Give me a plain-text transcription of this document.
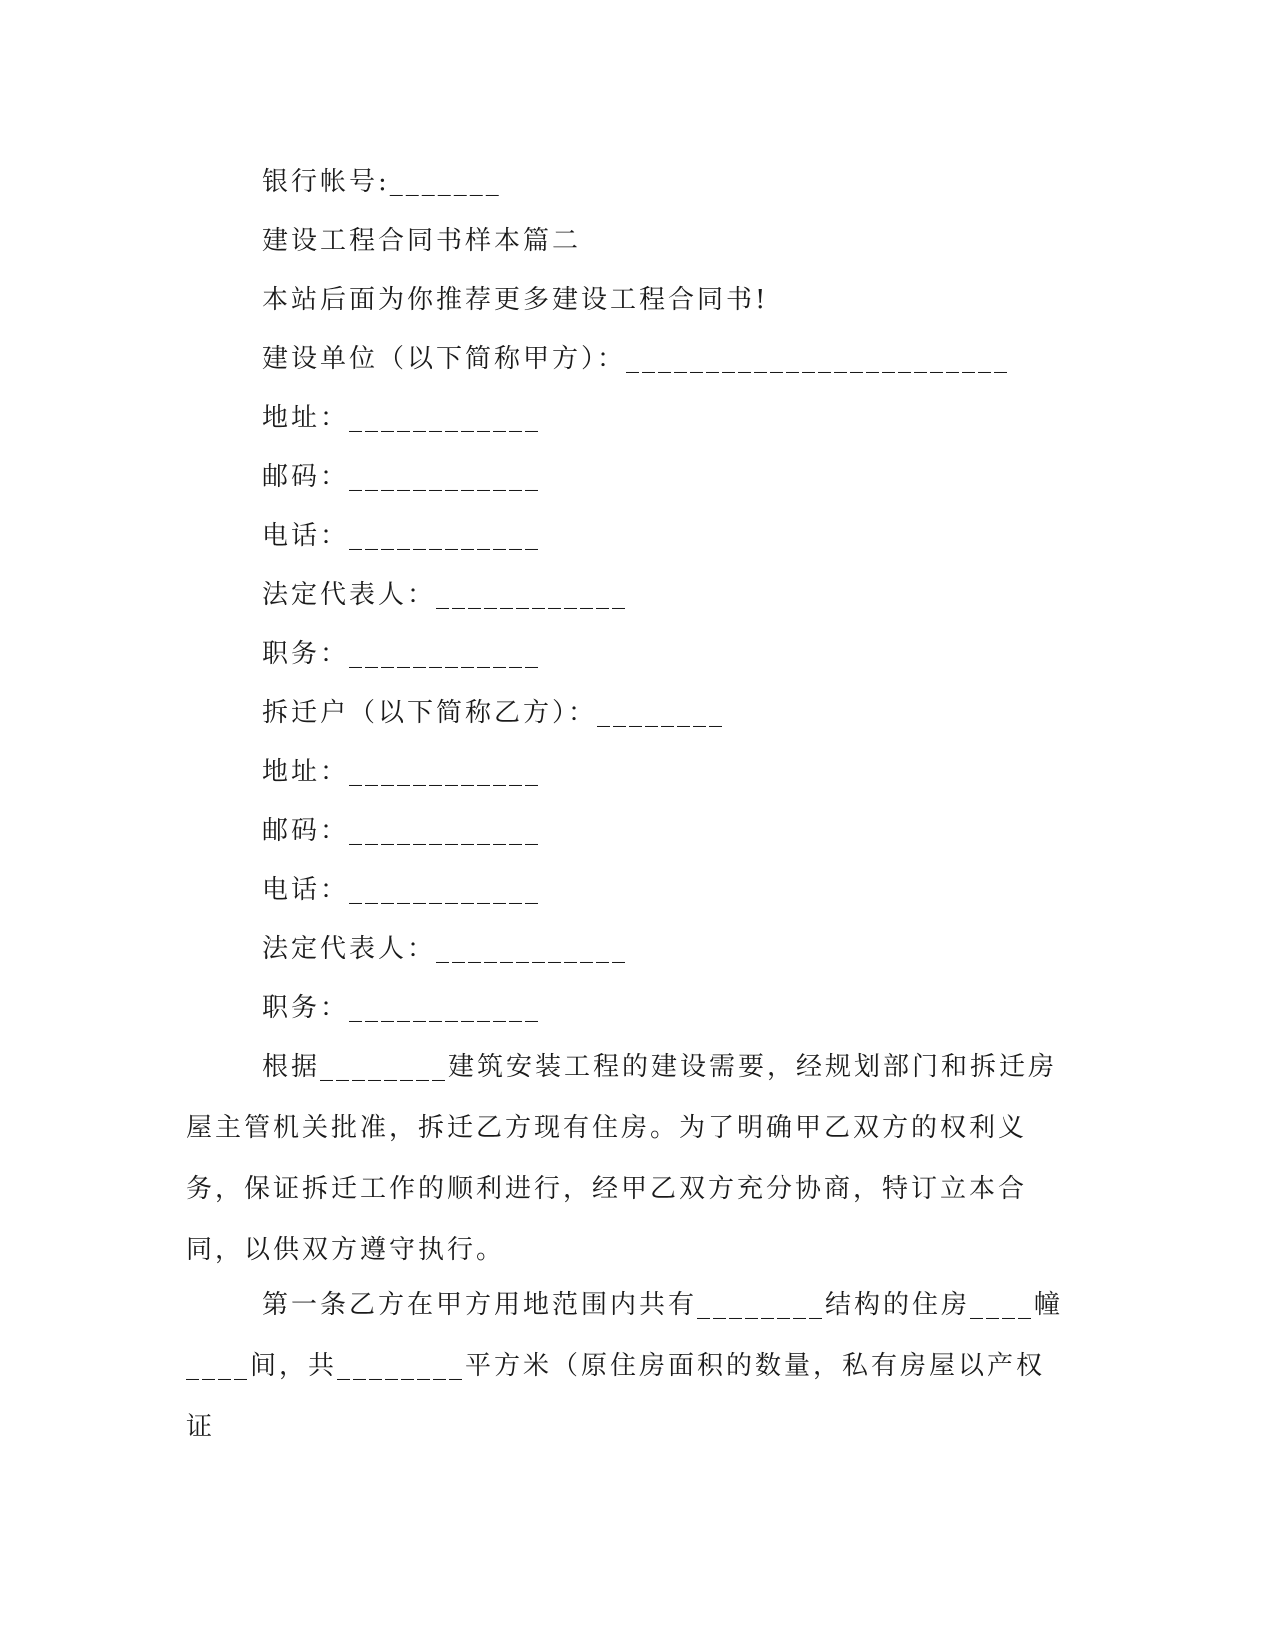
银行帐号:_______
建设工程合同书样本篇二
本站后面为你推荐更多建设工程合同书!
建设单位（以下简称甲方）：________________________
地址：____________
邮码：____________
电话：____________
法定代表人：____________
职务：____________
拆迁户（以下简称乙方）：________
地址：____________
邮码：____________
电话：____________
法定代表人：____________
职务：____________
根据________建筑安装工程的建设需要，经规划部门和拆迁房屋主管机关批准，拆迁乙方现有住房。为了明确甲乙双方的权利义务，保证拆迁工作的顺利进行，经甲乙双方充分协商，特订立本合同，以供双方遵守执行。
第一条乙方在甲方用地范围内共有________结构的住房____幢____间，共________平方米（原住房面积的数量，私有房屋以产权证
